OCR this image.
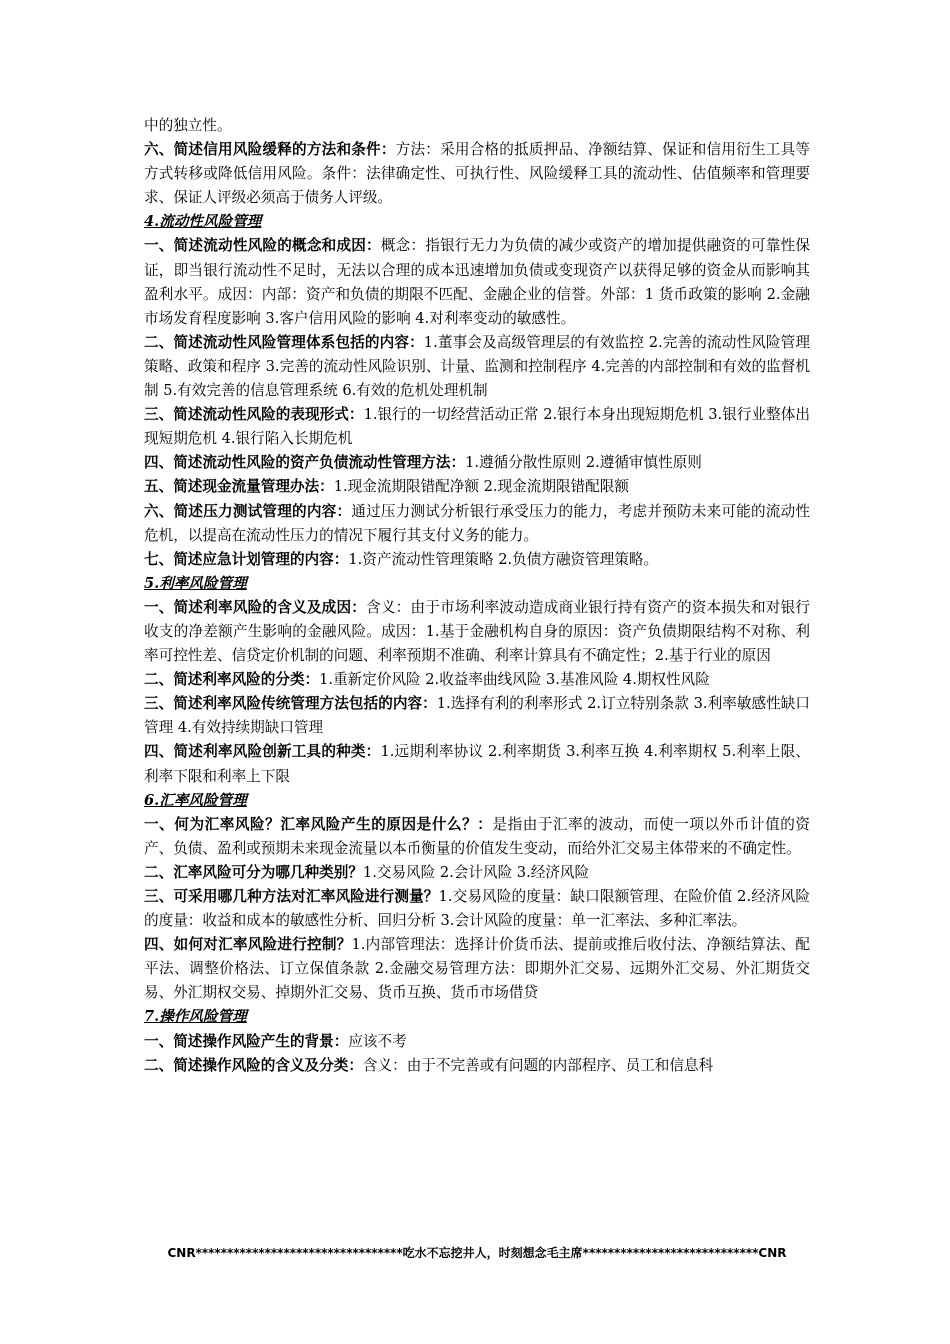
中的独立性。

六、简述信用风险缓释的方法和条件：方法：采用合格的抵质押品、净额结算、保证和信用衍生工具等方式转移或降低信用风险。条件：法律确定性、可执行性、风险缓释工具的流动性、估值频率和管理要求、保证人评级必须高于债务人评级。

4.流动性风险管理

一、简述流动性风险的概念和成因：概念：指银行无力为负债的减少或资产的增加提供融资的可靠性保证，即当银行流动性不足时，无法以合理的成本迅速增加负债或变现资产以获得足够的资金从而影响其盈利水平。成因：内部：资产和负债的期限不匹配、金融企业的信誉。外部：1 货币政策的影响 2.金融市场发育程度影响 3.客户信用风险的影响 4.对利率变动的敏感性。

二、简述流动性风险管理体系包括的内容：1.董事会及高级管理层的有效监控 2.完善的流动性风险管理策略、政策和程序 3.完善的流动性风险识别、计量、监测和控制程序 4.完善的内部控制和有效的监督机制 5.有效完善的信息管理系统 6.有效的危机处理机制

三、简述流动性风险的表现形式：1.银行的一切经营活动正常 2.银行本身出现短期危机 3.银行业整体出现短期危机 4.银行陷入长期危机

四、简述流动性风险的资产负债流动性管理方法：1.遵循分散性原则 2.遵循审慎性原则

五、简述现金流量管理办法：1.现金流期限错配净额 2.现金流期限错配限额

六、简述压力测试管理的内容：通过压力测试分析银行承受压力的能力，考虑并预防未来可能的流动性危机，以提高在流动性压力的情况下履行其支付义务的能力。

七、简述应急计划管理的内容：1.资产流动性管理策略 2.负债方融资管理策略。

5.利率风险管理

一、简述利率风险的含义及成因：含义：由于市场利率波动造成商业银行持有资产的资本损失和对银行收支的净差额产生影响的金融风险。成因：1.基于金融机构自身的原因：资产负债期限结构不对称、利率可控性差、信贷定价机制的问题、利率预期不准确、利率计算具有不确定性；2.基于行业的原因

二、简述利率风险的分类：1.重新定价风险 2.收益率曲线风险 3.基准风险 4.期权性风险

三、简述利率风险传统管理方法包括的内容：1.选择有利的利率形式 2.订立特别条款 3.利率敏感性缺口管理 4.有效持续期缺口管理

四、简述利率风险创新工具的种类：1.远期利率协议 2.利率期货 3.利率互换 4.利率期权 5.利率上限、利率下限和利率上下限

6.汇率风险管理

一、何为汇率风险？汇率风险产生的原因是什么？：是指由于汇率的波动，而使一项以外币计值的资产、负债、盈利或预期未来现金流量以本币衡量的价值发生变动，而给外汇交易主体带来的不确定性。

二、汇率风险可分为哪几种类别？1.交易风险 2.会计风险 3.经济风险

三、可采用哪几种方法对汇率风险进行测量？1.交易风险的度量：缺口限额管理、在险价值 2.经济风险的度量：收益和成本的敏感性分析、回归分析 3.会计风险的度量：单一汇率法、多种汇率法。

四、如何对汇率风险进行控制？1.内部管理法：选择计价货币法、提前或推后收付法、净额结算法、配平法、调整价格法、订立保值条款 2.金融交易管理方法：即期外汇交易、远期外汇交易、外汇期货交易、外汇期权交易、掉期外汇交易、货币互换、货币市场借贷

7.操作风险管理

一、简述操作风险产生的背景：应该不考

二、简述操作风险的含义及分类：含义：由于不完善或有问题的内部程序、员工和信息科

CNR*********************************吃水不忘挖井人，时刻想念毛主席****************************CNR
